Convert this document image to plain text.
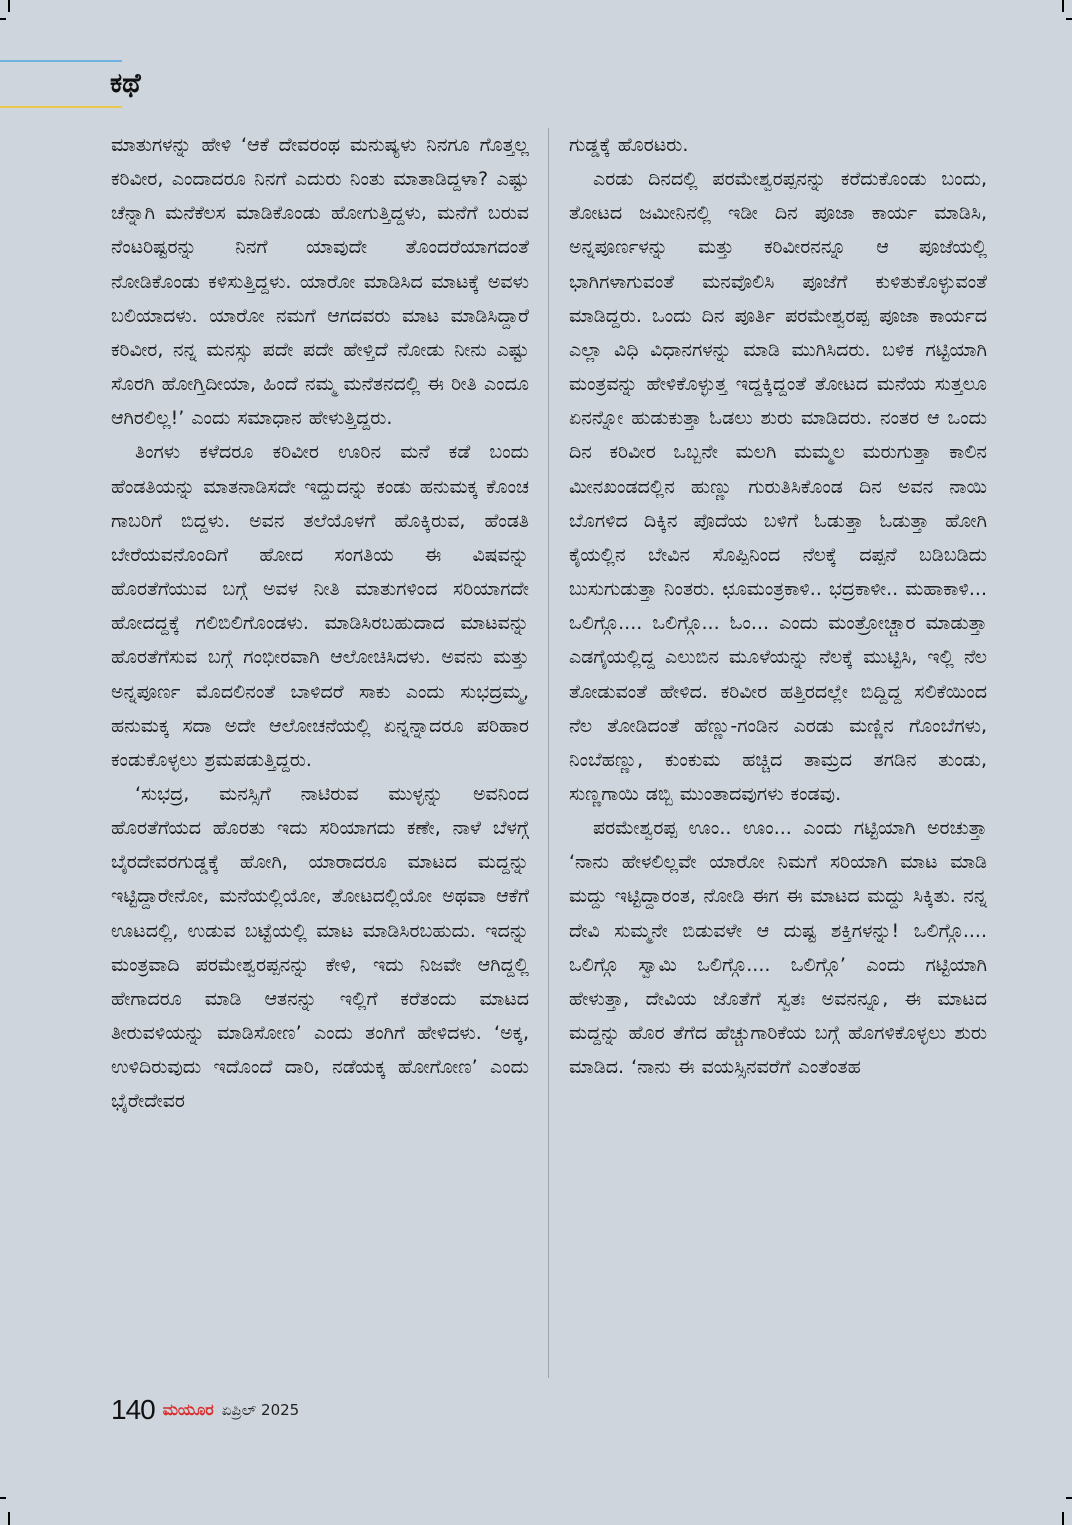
ಕಥೆ

ಮಾತುಗಳನ್ನು ಹೇಳಿ ‘ಆಕೆ ದೇವರಂಥ ಮನುಷ್ಯಳು ನಿನಗೂ ಗೊತ್ತಲ್ಲ ಕರಿವೀರ, ಎಂದಾದರೂ ನಿನಗೆ ಎದುರು ನಿಂತು ಮಾತಾಡಿದ್ದಳಾ? ಎಷ್ಟು ಚೆನ್ನಾಗಿ ಮನೆಕೆಲಸ ಮಾಡಿಕೊಂಡು ಹೋಗುತ್ತಿದ್ದಳು, ಮನೆಗೆ ಬರುವ ನೆಂಟರಿಷ್ಟರನ್ನು ನಿನಗೆ ಯಾವುದೇ ತೊಂದರೆಯಾಗದಂತೆ ನೋಡಿಕೊಂಡು ಕಳಿಸುತ್ತಿದ್ದಳು. ಯಾರೋ ಮಾಡಿಸಿದ ಮಾಟಕ್ಕೆ ಅವಳು ಬಲಿಯಾದಳು. ಯಾರೋ ನಮಗೆ ಆಗದವರು ಮಾಟ ಮಾಡಿಸಿದ್ದಾರೆ ಕರಿವೀರ, ನನ್ನ ಮನಸ್ಸು ಪದೇ ಪದೇ ಹೇಳ್ತಿದೆ ನೋಡು ನೀನು ಎಷ್ಟು ಸೊರಗಿ ಹೋಗ್ತಿದೀಯಾ, ಹಿಂದೆ ನಮ್ಮ ಮನೆತನದಲ್ಲಿ ಈ ರೀತಿ ಎಂದೂ ಆಗಿರಲಿಲ್ಲ!’ ಎಂದು ಸಮಾಧಾನ ಹೇಳುತ್ತಿದ್ದರು.

ತಿಂಗಳು ಕಳೆದರೂ ಕರಿವೀರ ಊರಿನ ಮನೆ ಕಡೆ ಬಂದು ಹೆಂಡತಿಯನ್ನು ಮಾತನಾಡಿಸದೇ ಇದ್ದುದನ್ನು ಕಂಡು ಹನುಮಕ್ಕ ಕೊಂಚ ಗಾಬರಿಗೆ ಬಿದ್ದಳು. ಅವನ ತಲೆಯೊಳಗೆ ಹೊಕ್ಕಿರುವ, ಹೆಂಡತಿ ಬೇರೆಯವನೊಂದಿಗೆ ಹೋದ ಸಂಗತಿಯ ಈ ವಿಷವನ್ನು ಹೊರತೆಗೆಯುವ ಬಗ್ಗೆ ಅವಳ ನೀತಿ ಮಾತುಗಳಿಂದ ಸರಿಯಾಗದೇ ಹೋದದ್ದಕ್ಕೆ ಗಲಿಬಿಲಿಗೊಂಡಳು. ಮಾಡಿಸಿರಬಹುದಾದ ಮಾಟವನ್ನು ಹೊರತೆಗೆಸುವ ಬಗ್ಗೆ ಗಂಭೀರವಾಗಿ ಆಲೋಚಿಸಿದಳು. ಅವನು ಮತ್ತು ಅನ್ನಪೂರ್ಣ ಮೊದಲಿನಂತೆ ಬಾಳಿದರೆ ಸಾಕು ಎಂದು ಸುಭದ್ರಮ್ಮ, ಹನುಮಕ್ಕ ಸದಾ ಅದೇ ಆಲೋಚನೆಯಲ್ಲಿ ಏನ್ನನ್ನಾದರೂ ಪರಿಹಾರ ಕಂಡುಕೊಳ್ಳಲು ಶ್ರಮಪಡುತ್ತಿದ್ದರು.

‘ಸುಭದ್ರ, ಮನಸ್ಸಿಗೆ ನಾಟಿರುವ ಮುಳ್ಳನ್ನು ಅವನಿಂದ ಹೊರತೆಗೆಯದ ಹೊರತು ಇದು ಸರಿಯಾಗದು ಕಣೇ, ನಾಳೆ ಬೆಳಗ್ಗೆ ಬೈರದೇವರಗುಡ್ಡಕ್ಕೆ ಹೋಗಿ, ಯಾರಾದರೂ ಮಾಟದ ಮದ್ದನ್ನು ಇಟ್ಟಿದ್ದಾರೇನೋ, ಮನೆಯಲ್ಲಿಯೋ, ತೋಟದಲ್ಲಿಯೋ ಅಥವಾ ಆಕೆಗೆ ಊಟದಲ್ಲಿ, ಉಡುವ ಬಟ್ಟೆಯಲ್ಲಿ ಮಾಟ ಮಾಡಿಸಿರಬಹುದು. ಇದನ್ನು ಮಂತ್ರವಾದಿ ಪರಮೇಶ್ವರಪ್ಪನನ್ನು ಕೇಳಿ, ಇದು ನಿಜವೇ ಆಗಿದ್ದಲ್ಲಿ ಹೇಗಾದರೂ ಮಾಡಿ ಆತನನ್ನು ಇಲ್ಲಿಗೆ ಕರೆತಂದು ಮಾಟದ ತೀರುವಳಿಯನ್ನು ಮಾಡಿಸೋಣ’ ಎಂದು ತಂಗಿಗೆ ಹೇಳಿದಳು. ‘ಅಕ್ಕ, ಉಳಿದಿರುವುದು ಇದೊಂದೆ ದಾರಿ, ನಡೆಯಕ್ಕ ಹೋಗೋಣ’ ಎಂದು ಭೈರೇದೇವರ

ಗುಡ್ಡಕ್ಕೆ ಹೊರಟರು.

ಎರಡು ದಿನದಲ್ಲಿ ಪರಮೇಶ್ವರಪ್ಪನನ್ನು ಕರೆದುಕೊಂಡು ಬಂದು, ತೋಟದ ಜಮೀನಿನಲ್ಲಿ ಇಡೀ ದಿನ ಪೂಜಾ ಕಾರ್ಯ ಮಾಡಿಸಿ, ಅನ್ನಪೂರ್ಣಳನ್ನು ಮತ್ತು ಕರಿವೀರನನ್ನೂ ಆ ಪೂಜೆಯಲ್ಲಿ ಭಾಗಿಗಳಾಗುವಂತೆ ಮನವೊಲಿಸಿ ಪೂಜೆಗೆ ಕುಳಿತುಕೊಳ್ಳುವಂತೆ ಮಾಡಿದ್ದರು. ಒಂದು ದಿನ ಪೂರ್ತಿ ಪರಮೇಶ್ವರಪ್ಪ ಪೂಜಾ ಕಾರ್ಯದ ಎಲ್ಲಾ ವಿಧಿ ವಿಧಾನಗಳನ್ನು ಮಾಡಿ ಮುಗಿಸಿದರು. ಬಳಿಕ ಗಟ್ಟಿಯಾಗಿ ಮಂತ್ರವನ್ನು ಹೇಳಿಕೊಳ್ಳುತ್ತ ಇದ್ದಕ್ಕಿದ್ದಂತೆ ತೋಟದ ಮನೆಯ ಸುತ್ತಲೂ ಏನನ್ನೋ ಹುಡುಕುತ್ತಾ ಓಡಲು ಶುರು ಮಾಡಿದರು. ನಂತರ ಆ ಒಂದು ದಿನ ಕರಿವೀರ ಒಬ್ಬನೇ ಮಲಗಿ ಮಮ್ಮಲ ಮರುಗುತ್ತಾ ಕಾಲಿನ ಮೀನಖಂಡದಲ್ಲಿನ ಹುಣ್ಣು ಗುರುತಿಸಿಕೊಂಡ ದಿನ ಅವನ ನಾಯಿ ಬೊಗಳಿದ ದಿಕ್ಕಿನ ಪೊದೆಯ ಬಳಿಗೆ ಓಡುತ್ತಾ ಓಡುತ್ತಾ ಹೋಗಿ ಕೈಯಲ್ಲಿನ ಬೇವಿನ ಸೊಪ್ಪಿನಿಂದ ನೆಲಕ್ಕೆ ದಪ್ಪನೆ ಬಡಿಬಡಿದು ಬುಸುಗುಡುತ್ತಾ ನಿಂತರು. ಛೂಮಂತ್ರಕಾಳಿ.. ಭದ್ರಕಾಳೀ.. ಮಹಾಕಾಳಿ... ಒಲಿಗ್ಗೊ.... ಒಲಿಗ್ಗೊ... ಓಂ... ಎಂದು ಮಂತ್ರೋಚ್ಚಾರ ಮಾಡುತ್ತಾ ಎಡಗೈಯಲ್ಲಿದ್ದ ಎಲುಬಿನ ಮೂಳೆಯನ್ನು ನೆಲಕ್ಕೆ ಮುಟ್ಟಿಸಿ, ಇಲ್ಲಿ ನೆಲ ತೋಡುವಂತೆ ಹೇಳಿದ. ಕರಿವೀರ ಹತ್ತಿರದಲ್ಲೇ ಬಿದ್ದಿದ್ದ ಸಲಿಕೆಯಿಂದ ನೆಲ ತೋಡಿದಂತೆ ಹೆಣ್ಣು-ಗಂಡಿನ ಎರಡು ಮಣ್ಣಿನ ಗೊಂಬೆಗಳು, ನಿಂಬೆಹಣ್ಣು, ಕುಂಕುಮ ಹಚ್ಚಿದ ತಾಮ್ರದ ತಗಡಿನ ತುಂಡು, ಸುಣ್ಣಗಾಯಿ ಡಬ್ಬಿ ಮುಂತಾದವುಗಳು ಕಂಡವು.

ಪರಮೇಶ್ವರಪ್ಪ ಊಂ.. ಊಂ... ಎಂದು ಗಟ್ಟಿಯಾಗಿ ಅರಚುತ್ತಾ ‘ನಾನು ಹೇಳಲಿಲ್ಲವೇ ಯಾರೋ ನಿಮಗೆ ಸರಿಯಾಗಿ ಮಾಟ ಮಾಡಿ ಮದ್ದು ಇಟ್ಟಿದ್ದಾರಂತ, ನೋಡಿ ಈಗ ಈ ಮಾಟದ ಮದ್ದು ಸಿಕ್ಕಿತು. ನನ್ನ ದೇವಿ ಸುಮ್ಮನೇ ಬಿಡುವಳೇ ಆ ದುಷ್ಟ ಶಕ್ತಿಗಳನ್ನು! ಒಲಿಗ್ಗೊ.... ಒಲಿಗ್ಗೊ ಸ್ವಾಮಿ ಒಲಿಗ್ಗೊ.... ಒಲಿಗ್ಗೊ’ ಎಂದು ಗಟ್ಟಿಯಾಗಿ ಹೇಳುತ್ತಾ, ದೇವಿಯ ಜೊತೆಗೆ ಸ್ವತಃ ಅವನನ್ನೂ, ಈ ಮಾಟದ ಮದ್ದನ್ನು ಹೊರ ತೆಗೆದ ಹೆಚ್ಚುಗಾರಿಕೆಯ ಬಗ್ಗೆ ಹೊಗಳಿಕೊಳ್ಳಲು ಶುರು ಮಾಡಿದ. ‘ನಾನು ಈ ವಯಸ್ಸಿನವರೆಗೆ ಎಂತೆಂತಹ

140 ಮಯೂರ ಏಪ್ರಿಲ್ 2025
